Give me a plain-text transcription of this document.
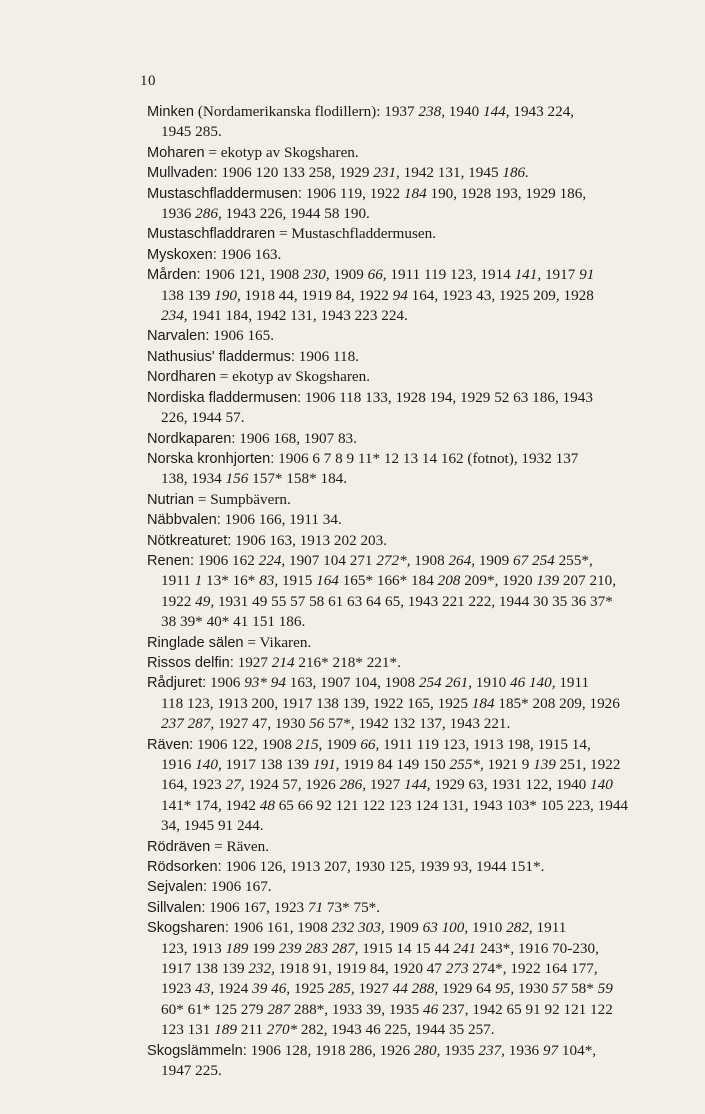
10
Minken (Nordamerikanska flodillern): 1937 238, 1940 144, 1943 224,
1945 285.
Moharen = ekotyp av Skogsharen.
Mullvaden: 1906 120 133 258, 1929 231, 1942 131, 1945 186.
Mustaschfladdermusen: 1906 119, 1922 184 190, 1928 193, 1929 186,
1936 286, 1943 226, 1944 58 190.
Mustaschfladdraren = Mustaschfladdermusen.
Myskoxen: 1906 163.
Mården: 1906 121, 1908 230, 1909 66, 1911 119 123, 1914 141, 1917 91
138 139 190, 1918 44, 1919 84, 1922 94 164, 1923 43, 1925 209, 1928
234, 1941 184, 1942 131, 1943 223 224.
Narvalen: 1906 165.
Nathusius' fladdermus: 1906 118.
Nordharen = ekotyp av Skogsharen.
Nordiska fladdermusen: 1906 118 133, 1928 194, 1929 52 63 186, 1943
226, 1944 57.
Nordkaparen: 1906 168, 1907 83.
Norska kronhjorten: 1906 6 7 8 9 11* 12 13 14 162 (fotnot), 1932 137
138, 1934 156 157* 158* 184.
Nutrian = Sumpbävern.
Näbbvalen: 1906 166, 1911 34.
Nötkreaturet: 1906 163, 1913 202 203.
Renen: 1906 162 224, 1907 104 271 272*, 1908 264, 1909 67 254 255*,
1911 1 13* 16* 83, 1915 164 165* 166* 184 208 209*, 1920 139 207 210,
1922 49, 1931 49 55 57 58 61 63 64 65, 1943 221 222, 1944 30 35 36 37*
38 39* 40* 41 151 186.
Ringlade sälen = Vikaren.
Rissos delfin: 1927 214 216* 218* 221*.
Rådjuret: 1906 93* 94 163, 1907 104, 1908 254 261, 1910 46 140, 1911
118 123, 1913 200, 1917 138 139, 1922 165, 1925 184 185* 208 209, 1926
237 287, 1927 47, 1930 56 57*, 1942 132 137, 1943 221.
Räven: 1906 122, 1908 215, 1909 66, 1911 119 123, 1913 198, 1915 14,
1916 140, 1917 138 139 191, 1919 84 149 150 255*, 1921 9 139 251, 1922
164, 1923 27, 1924 57, 1926 286, 1927 144, 1929 63, 1931 122, 1940 140
141* 174, 1942 48 65 66 92 121 122 123 124 131, 1943 103* 105 223, 1944
34, 1945 91 244.
Rödräven = Räven.
Rödsorken: 1906 126, 1913 207, 1930 125, 1939 93, 1944 151*.
Sejvalen: 1906 167.
Sillvalen: 1906 167, 1923 71 73* 75*.
Skogsharen: 1906 161, 1908 232 303, 1909 63 100, 1910 282, 1911
123, 1913 189 199 239 283 287, 1915 14 15 44 241 243*, 1916 70-230,
1917 138 139 232, 1918 91, 1919 84, 1920 47 273 274*, 1922 164 177,
1923 43, 1924 39 46, 1925 285, 1927 44 288, 1929 64 95, 1930 57 58* 59
60* 61* 125 279 287 288*, 1933 39, 1935 46 237, 1942 65 91 92 121 122
123 131 189 211 270* 282, 1943 46 225, 1944 35 257.
Skogslämmeln: 1906 128, 1918 286, 1926 280, 1935 237, 1936 97 104*,
1947 225.
